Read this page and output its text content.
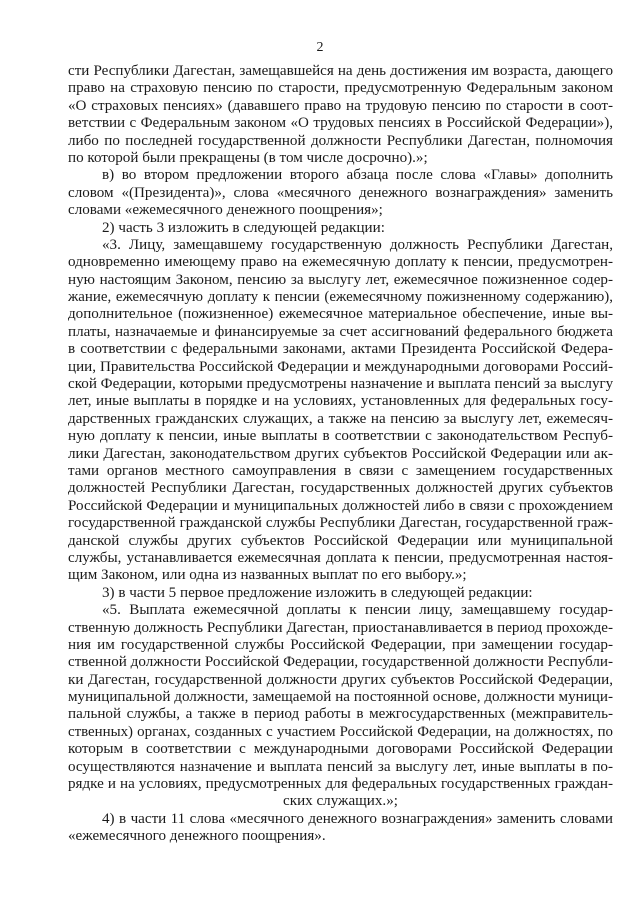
2
сти Республики Дагестан, замещавшейся на день достижения им возраста, дающего
право на страховую пенсию по старости, предусмотренную Федеральным законом
«О страховых пенсиях» (дававшего право на трудовую пенсию по старости в соот-
ветствии с Федеральным законом «О трудовых пенсиях в Российской Федерации»),
либо по последней государственной должности Республики Дагестан, полномочия
по которой были прекращены (в том числе досрочно).»;
в) во втором предложении второго абзаца после слова «Главы» дополнить
словом «(Президента)», слова «месячного денежного вознаграждения» заменить
словами «ежемесячного денежного поощрения»;
2) часть 3 изложить в следующей редакции:
«3. Лицу, замещавшему государственную должность Республики Дагестан,
одновременно имеющему право на ежемесячную доплату к пенсии, предусмотрен-
ную настоящим Законом, пенсию за выслугу лет, ежемесячное пожизненное содер-
жание, ежемесячную доплату к пенсии (ежемесячному пожизненному содержанию),
дополнительное (пожизненное) ежемесячное материальное обеспечение, иные вы-
платы, назначаемые и финансируемые за счет ассигнований федерального бюджета
в соответствии с федеральными законами, актами Президента Российской Федера-
ции, Правительства Российской Федерации и международными договорами Россий-
ской Федерации, которыми предусмотрены назначение и выплата пенсий за выслугу
лет, иные выплаты в порядке и на условиях, установленных для федеральных госу-
дарственных гражданских служащих, а также на пенсию за выслугу лет, ежемесяч-
ную доплату к пенсии, иные выплаты в соответствии с законодательством Респуб-
лики Дагестан, законодательством других субъектов Российской Федерации или ак-
тами органов местного самоуправления в связи с замещением государственных
должностей Республики Дагестан, государственных должностей других субъектов
Российской Федерации и муниципальных должностей либо в связи с прохождением
государственной гражданской службы Республики Дагестан, государственной граж-
данской службы других субъектов Российской Федерации или муниципальной
службы, устанавливается ежемесячная доплата к пенсии, предусмотренная настоя-
щим Законом, или одна из названных выплат по его выбору.»;
3) в части 5 первое предложение изложить в следующей редакции:
«5. Выплата ежемесячной доплаты к пенсии лицу, замещавшему государ-
ственную должность Республики Дагестан, приостанавливается в период прохожде-
ния им государственной службы Российской Федерации, при замещении государ-
ственной должности Российской Федерации, государственной должности Республи-
ки Дагестан, государственной должности других субъектов Российской Федерации,
муниципальной должности, замещаемой на постоянной основе, должности муници-
пальной службы, а также в период работы в межгосударственных (межправитель-
ственных) органах, созданных с участием Российской Федерации, на должностях, по
которым в соответствии с международными договорами Российской Федерации
осуществляются назначение и выплата пенсий за выслугу лет, иные выплаты в по-
рядке и на условиях, предусмотренных для федеральных государственных граждан-
ских служащих.»;
4) в части 11 слова «месячного денежного вознаграждения» заменить словами
«ежемесячного денежного поощрения».
